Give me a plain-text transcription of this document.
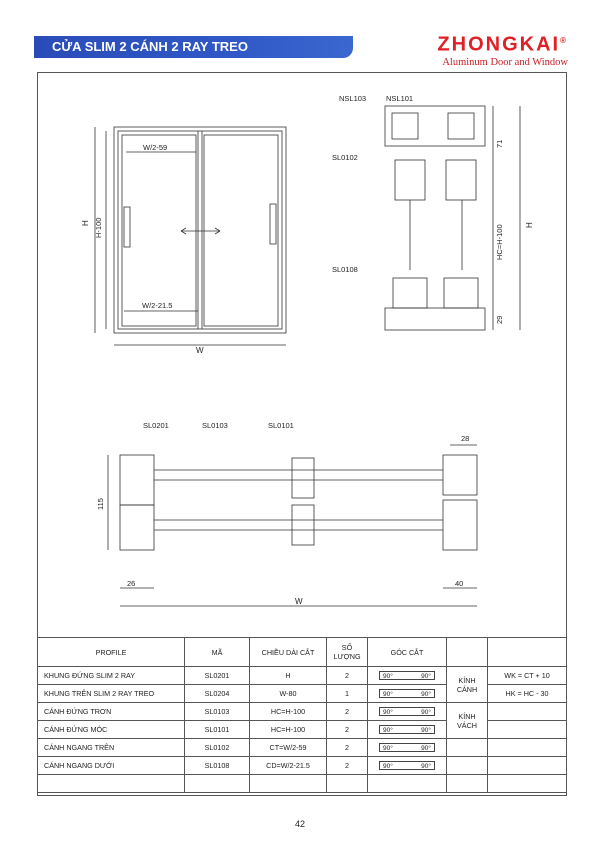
CỬA SLIM 2 CÁNH 2 RAY TREO	ZHONGKAI®
Aluminum Door and Window
H H-100
W
W/2-59
W/2-21.5
NSL103	NSL101
SL0102
SL0108
71
29
HC=H-100	H
SL0201	SL0103	SL0101
28
115
26	40
W
PROFILE	MÃ	CHIỀU DÀI CẮT	SỐ LƯỢNG	GÓC CẮT		
KHUNG ĐỨNG SLIM 2 RAY	SL0201	H	2	90° 90°	KÍNH CÁNH	WK = CT + 10
KHUNG TRÊN SLIM 2 RAY TREO	SL0204	W-80	1	90° 90°		HK = HC - 30
CÁNH ĐỨNG TRƠN	SL0103	HC=H-100	2	90° 90°	KÍNH VÁCH	
CÁNH ĐỨNG MÓC	SL0101	HC=H-100	2	90° 90°		

CÁNH NGANG TRÊN	SL0102	CT=W/2-59	2	90° 90°		

CÁNH NGANG DƯỚI	SL0108	CD=W/2-21.5	2	90° 90°		

42
